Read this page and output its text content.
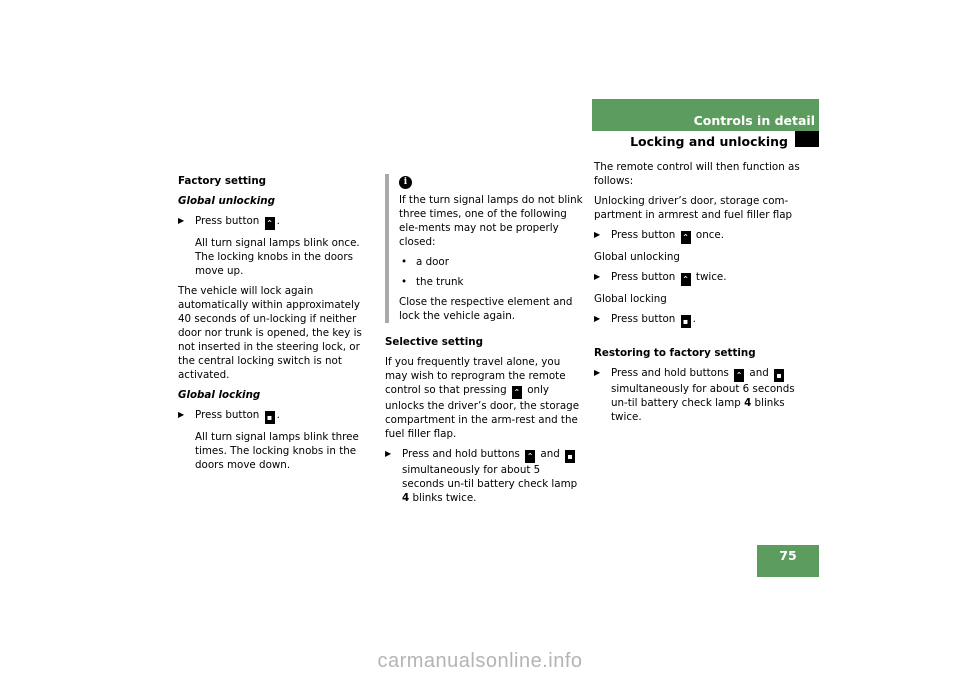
Controls in detail
Locking and unlocking

Factory setting

Global unlocking

▶ Press button ⌃ .

All turn signal lamps blink once. The locking knobs in the doors move up.

The vehicle will lock again automatically within approximately 40 seconds of un-locking if neither door nor trunk is opened, the key is not inserted in the steering lock, or the central locking switch is not activated.

Global locking

▶ Press button ▪ .

All turn signal lamps blink three times. The locking knobs in the doors move down.

i

If the turn signal lamps do not blink three times, one of the following ele-ments may not be properly closed:

• a door
• the trunk

Close the respective element and lock the vehicle again.

Selective setting

If you frequently travel alone, you may wish to reprogram the remote control so that pressing ⌃ only unlocks the driver’s door, the storage compartment in the arm-rest and the fuel filler flap.

▶ Press and hold buttons ⌃ and ▪ simultaneously for about 5 seconds un-til battery check lamp 4 blinks twice.

The remote control will then function as follows:

Unlocking driver’s door, storage com-partment in armrest and fuel filler flap

▶ Press button ⌃ once.

Global unlocking

▶ Press button ⌃ twice.

Global locking

▶ Press button ▪ .

Restoring to factory setting

▶ Press and hold buttons ⌃ and ▪ simultaneously for about 6 seconds un-til battery check lamp 4 blinks twice.
75
carmanualsonline.info
